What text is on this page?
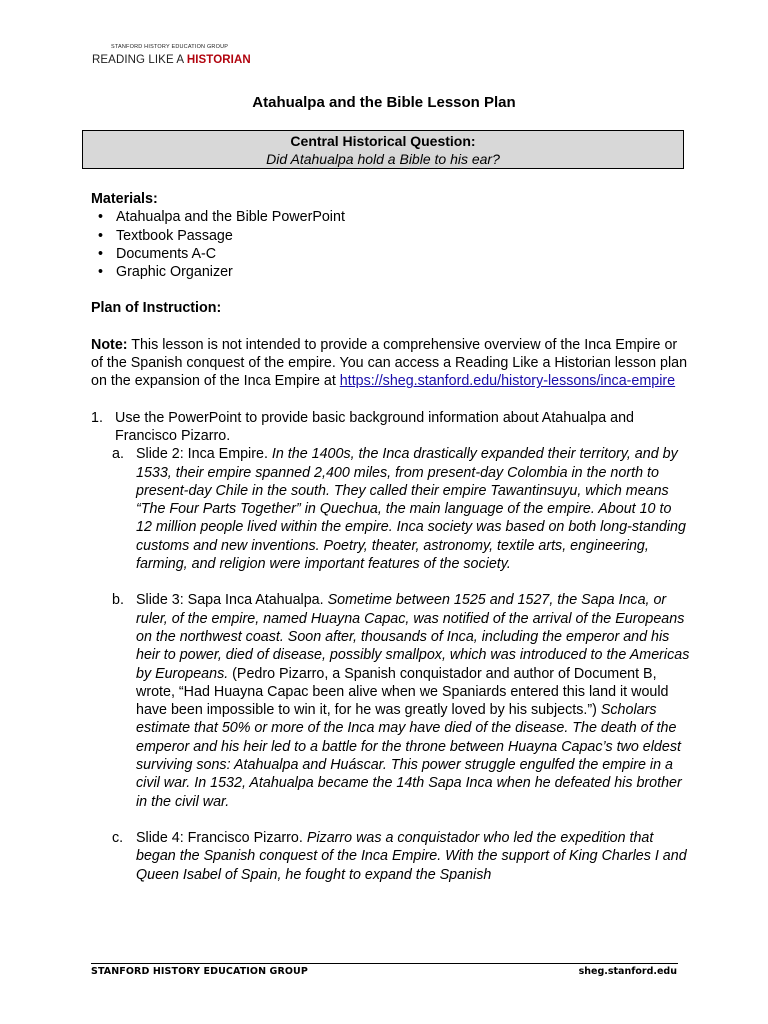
STANFORD HISTORY EDUCATION GROUP
READING LIKE A HISTORIAN
Atahualpa and the Bible Lesson Plan
Central Historical Question:
Did Atahualpa hold a Bible to his ear?

Materials:

• Atahualpa and the Bible PowerPoint
• Textbook Passage
• Documents A-C
• Graphic Organizer

Plan of Instruction:

Note: This lesson is not intended to provide a comprehensive overview of the Inca Empire or of the Spanish conquest of the empire. You can access a Reading Like a Historian lesson plan on the expansion of the Inca Empire at https://sheg.stanford.edu/history-lessons/inca-empire

1. Use the PowerPoint to provide basic background information about Atahualpa and Francisco Pizarro.
a. Slide 2: Inca Empire. In the 1400s, the Inca drastically expanded their territory, and by 1533, their empire spanned 2,400 miles, from present-day Colombia in the north to present-day Chile in the south. They called their empire Tawantinsuyu, which means “The Four Parts Together” in Quechua, the main language of the empire. About 10 to 12 million people lived within the empire. Inca society was based on both long-standing customs and new inventions. Poetry, theater, astronomy, textile arts, engineering, farming, and religion were important features of the society.
b. Slide 3: Sapa Inca Atahualpa. Sometime between 1525 and 1527, the Sapa Inca, or ruler, of the empire, named Huayna Capac, was notified of the arrival of the Europeans on the northwest coast. Soon after, thousands of Inca, including the emperor and his heir to power, died of disease, possibly smallpox, which was introduced to the Americas by Europeans. (Pedro Pizarro, a Spanish conquistador and author of Document B, wrote, “Had Huayna Capac been alive when we Spaniards entered this land it would have been impossible to win it, for he was greatly loved by his subjects.”) Scholars estimate that 50% or more of the Inca may have died of the disease. The death of the emperor and his heir led to a battle for the throne between Huayna Capac’s two eldest surviving sons: Atahualpa and Huáscar. This power struggle engulfed the empire in a civil war. In 1532, Atahualpa became the 14th Sapa Inca when he defeated his brother in the civil war.
c. Slide 4: Francisco Pizarro. Pizarro was a conquistador who led the expedition that began the Spanish conquest of the Inca Empire. With the support of King Charles I and Queen Isabel of Spain, he fought to expand the Spanish
STANFORD HISTORY EDUCATION GROUP	sheg.stanford.edu
